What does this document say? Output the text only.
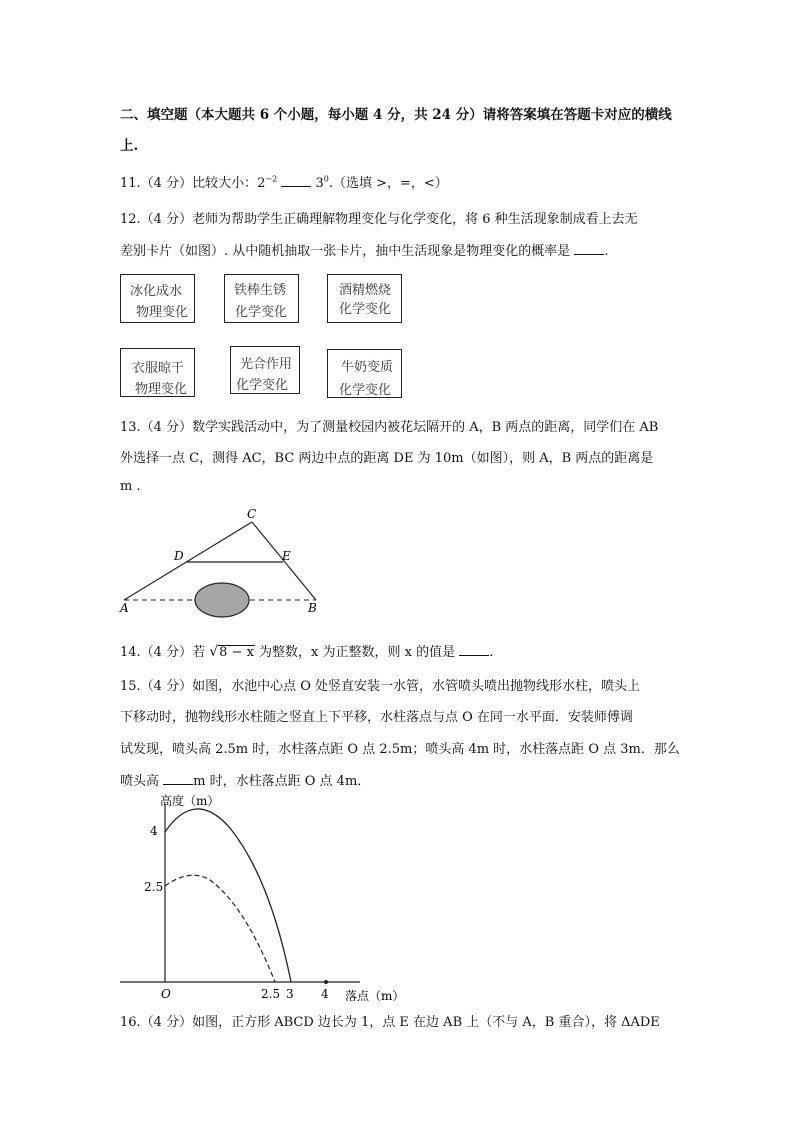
二、填空题（本大题共 6 个小题，每小题 4 分，共 24 分）请将答案填在答题卡对应的横线
上.
11.（4 分）比较大小：$2^{-2}$	$3^0$.（选填 >，=，<）
12.（4 分）老师为帮助学生正确理解物理变化与化学变化，将 6 种生活现象制成看上去无
差别卡片（如图）. 从中随机抽取一张卡片，抽中生活现象是物理变化的概率是	.
冰化成水
物理变化
铁棒生锈
化学变化
酒精燃烧
化学变化
衣服晾干
物理变化
光合作用
化学变化
牛奶变质
化学变化
13.（4 分）数学实践活动中，为了测量校园内被花坛隔开的 A，B 两点的距离，同学们在 AB
外选择一点 C，测得 AC，BC 两边中点的距离 DE 为 10m（如图），则 A，B 两点的距离是
m .
C
D	E
A	B
14.（4 分）若 √8 − x 为整数，x 为正整数，则 x 的值是	.
15.（4 分）如图，水池中心点 O 处竖直安装一水管，水管喷头喷出抛物线形水柱，喷头上
下移动时，抛物线形水柱随之竖直上下平移，水柱落点与点 O 在同一水平面．安装师傅调
试发现，喷头高 2.5m 时，水柱落点距 O 点 2.5m；喷头高 4m 时，水柱落点距 O 点 3m．那么
喷头高	m 时，水柱落点距 O 点 4m．
高度（m）
落点（m）
O
4
2.5
2.5 3 4
16.（4 分）如图，正方形 ABCD 边长为 1，点 E 在边 AB 上（不与 A，B 重合），将 ΔADE
